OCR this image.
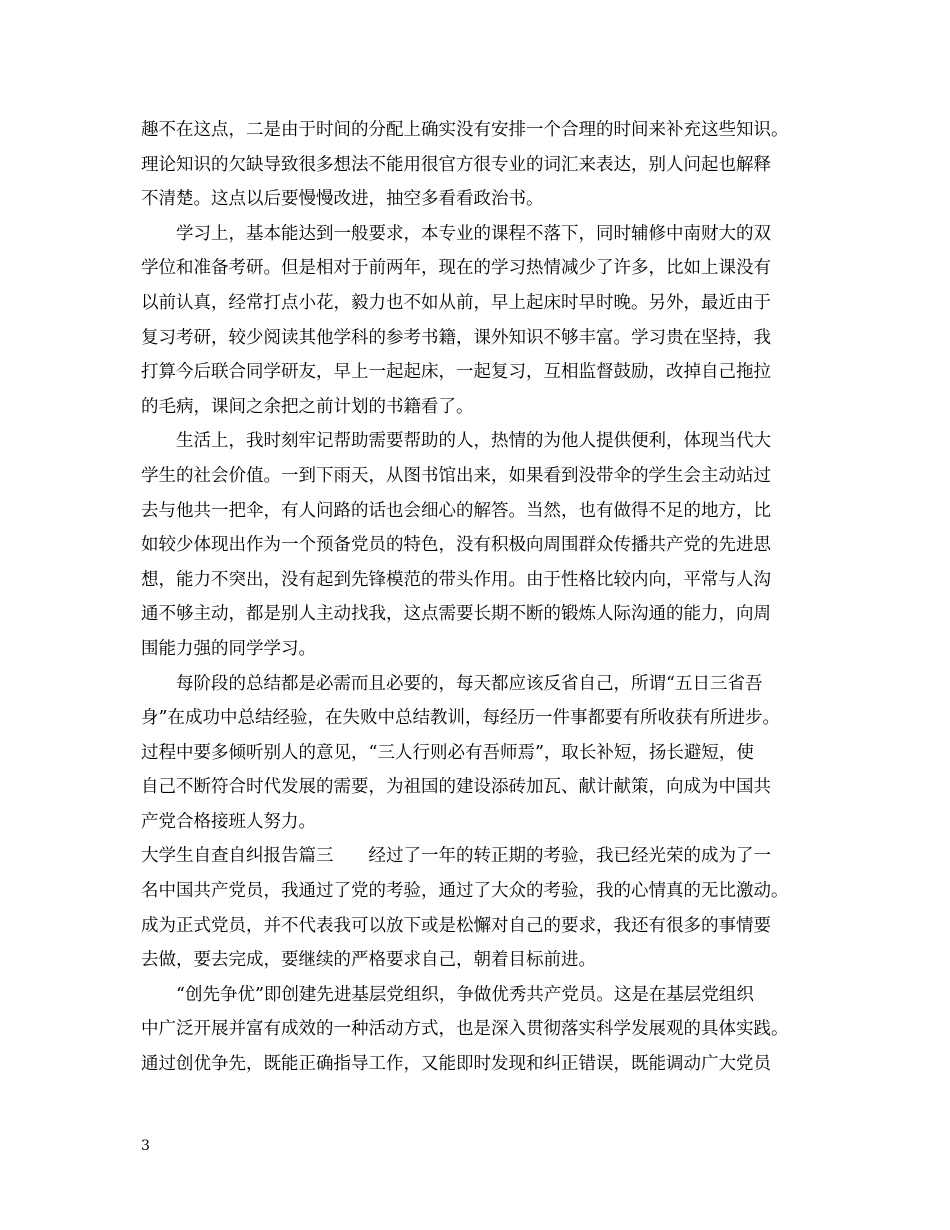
趣不在这点，二是由于时间的分配上确实没有安排一个合理的时间来补充这些知识。
理论知识的欠缺导致很多想法不能用很官方很专业的词汇来表达，别人问起也解释
不清楚。这点以后要慢慢改进，抽空多看看政治书。
　　学习上，基本能达到一般要求，本专业的课程不落下，同时辅修中南财大的双
学位和准备考研。但是相对于前两年，现在的学习热情减少了许多，比如上课没有
以前认真，经常打点小花，毅力也不如从前，早上起床时早时晚。另外，最近由于
复习考研，较少阅读其他学科的参考书籍，课外知识不够丰富。学习贵在坚持，我
打算今后联合同学研友，早上一起起床，一起复习，互相监督鼓励，改掉自己拖拉
的毛病，课间之余把之前计划的书籍看了。
　　生活上，我时刻牢记帮助需要帮助的人，热情的为他人提供便利，体现当代大
学生的社会价值。一到下雨天，从图书馆出来，如果看到没带伞的学生会主动站过
去与他共一把伞，有人问路的话也会细心的解答。当然，也有做得不足的地方，比
如较少体现出作为一个预备党员的特色，没有积极向周围群众传播共产党的先进思
想，能力不突出，没有起到先锋模范的带头作用。由于性格比较内向，平常与人沟
通不够主动，都是别人主动找我，这点需要长期不断的锻炼人际沟通的能力，向周
围能力强的同学学习。
　　每阶段的总结都是必需而且必要的，每天都应该反省自己，所谓“五日三省吾
身”在成功中总结经验，在失败中总结教训，每经历一件事都要有所收获有所进步。
过程中要多倾听别人的意见，“三人行则必有吾师焉”，取长补短，扬长避短，使
自己不断符合时代发展的需要，为祖国的建设添砖加瓦、献计献策，向成为中国共
产党合格接班人努力。
大学生自查自纠报告篇三　　经过了一年的转正期的考验，我已经光荣的成为了一
名中国共产党员，我通过了党的考验，通过了大众的考验，我的心情真的无比激动。
成为正式党员，并不代表我可以放下或是松懈对自己的要求，我还有很多的事情要
去做，要去完成，要继续的严格要求自己，朝着目标前进。
　　“创先争优”即创建先进基层党组织，争做优秀共产党员。这是在基层党组织
中广泛开展并富有成效的一种活动方式，也是深入贯彻落实科学发展观的具体实践。
通过创优争先，既能正确指导工作，又能即时发现和纠正错误，既能调动广大党员
3
